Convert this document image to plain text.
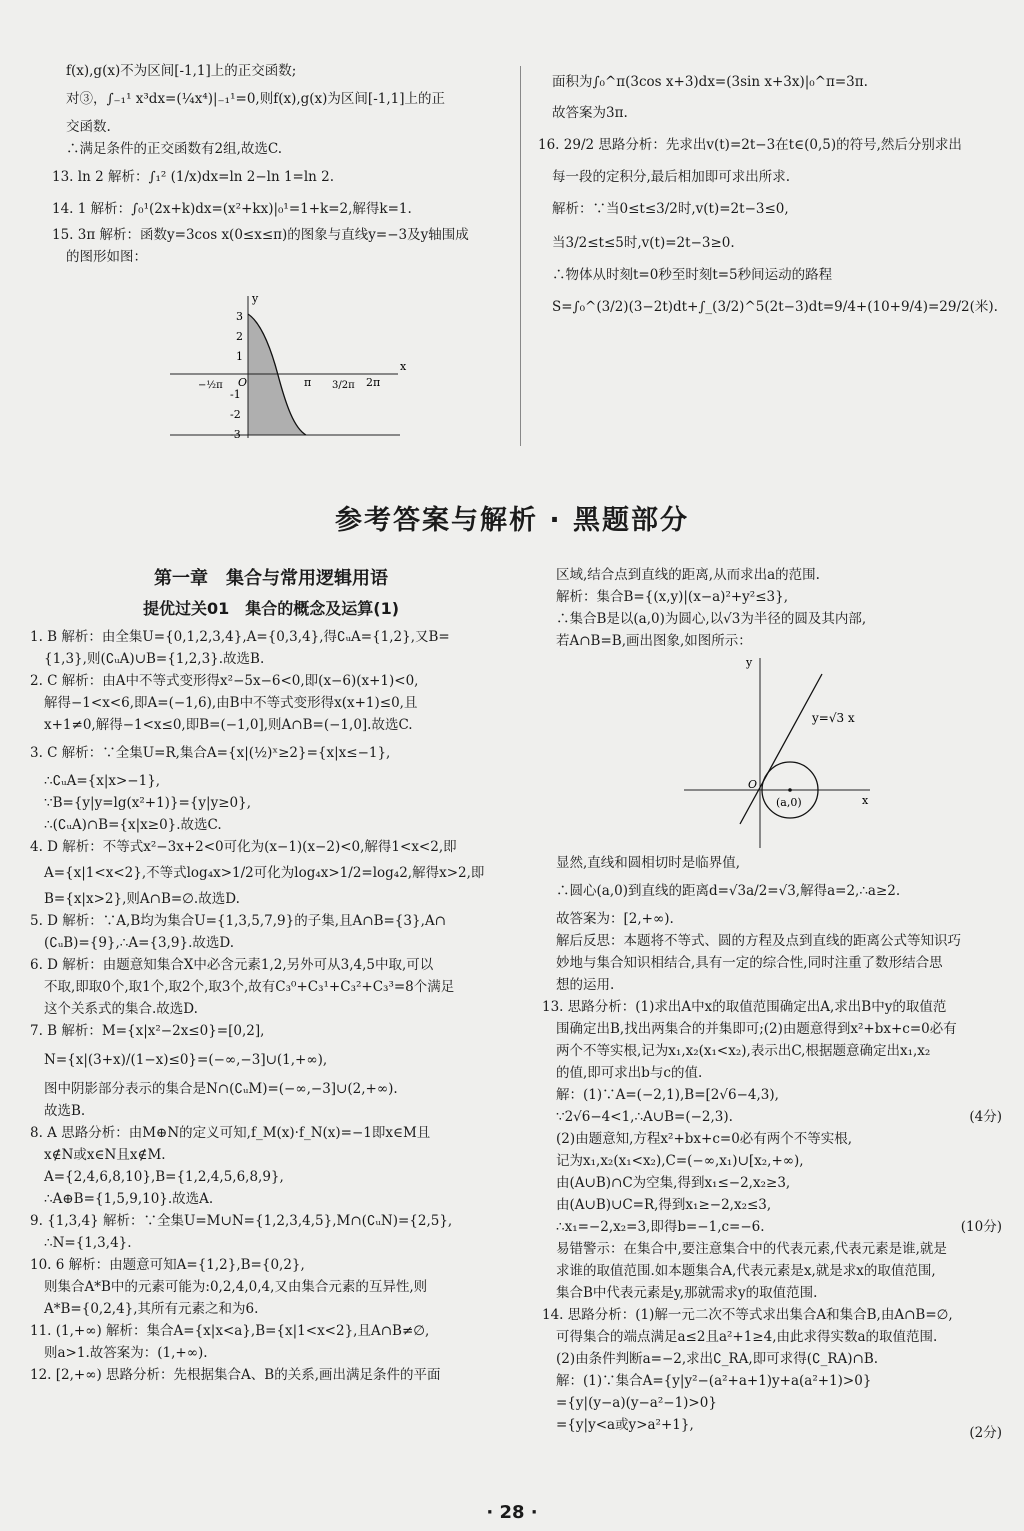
f(x),g(x)不为区间[-1,1]上的正交函数;

对③，∫₋₁¹ x³dx=(¼x⁴)|₋₁¹=0,则f(x),g(x)为区间[-1,1]上的正

交函数.

∴满足条件的正交函数有2组,故选C.

13. ln 2 解析：∫₁² (1/x)dx=ln 2−ln 1=ln 2.

14. 1 解析：∫₀¹(2x+k)dx=(x²+kx)|₀¹=1+k=2,解得k=1.

15. 3π 解析：函数y=3cos x(0≤x≤π)的图象与直线y=−3及y轴围成

的图形如图：

y
x
3
2
1
-1
-2
-3
O
−½π	π 3/2π 2π

面积为∫₀^π(3cos x+3)dx=(3sin x+3x)|₀^π=3π.

故答案为3π.

16. 29/2 思路分析：先求出v(t)=2t−3在t∈(0,5)的符号,然后分别求出

每一段的定积分,最后相加即可求出所求.

解析：∵当0≤t≤3/2时,v(t)=2t−3≤0,

当3/2≤t≤5时,v(t)=2t−3≥0.

∴物体从时刻t=0秒至时刻t=5秒间运动的路程

S=∫₀^(3/2)(3−2t)dt+∫_(3/2)^5(2t−3)dt=9/4+(10+9/4)=29/2(米).

参考答案与解析 · 黑题部分

第一章　集合与常用逻辑用语

提优过关01　集合的概念及运算(1)

1. B 解析：由全集U={0,1,2,3,4},A={0,3,4},得∁ᵤA={1,2},又B=

{1,3},则(∁ᵤA)∪B={1,2,3}.故选B.

2. C 解析：由A中不等式变形得x²−5x−6<0,即(x−6)(x+1)<0,

解得−1<x<6,即A=(−1,6),由B中不等式变形得x(x+1)≤0,且

x+1≠0,解得−1<x≤0,即B=(−1,0],则A∩B=(−1,0].故选C.

3. C 解析：∵全集U=R,集合A={x|(½)ˣ≥2}={x|x≤−1},

∴∁ᵤA={x|x>−1},

∵B={y|y=lg(x²+1)}={y|y≥0},

∴(∁ᵤA)∩B={x|x≥0}.故选C.

4. D 解析：不等式x²−3x+2<0可化为(x−1)(x−2)<0,解得1<x<2,即

A={x|1<x<2},不等式log₄x>1/2可化为log₄x>1/2=log₄2,解得x>2,即

B={x|x>2},则A∩B=∅.故选D.

5. D 解析：∵A,B均为集合U={1,3,5,7,9}的子集,且A∩B={3},A∩

(∁ᵤB)={9},∴A={3,9}.故选D.

6. D 解析：由题意知集合X中必含元素1,2,另外可从3,4,5中取,可以

不取,即取0个,取1个,取2个,取3个,故有C₃⁰+C₃¹+C₃²+C₃³=8个满足

这个关系式的集合.故选D.

7. B 解析：M={x|x²−2x≤0}=[0,2],

N={x|(3+x)/(1−x)≤0}=(−∞,−3]∪(1,+∞),

图中阴影部分表示的集合是N∩(∁ᵤM)=(−∞,−3]∪(2,+∞).

故选B.

8. A 思路分析：由M⊕N的定义可知,f_M(x)·f_N(x)=−1即x∈M且

x∉N或x∈N且x∉M.

A={2,4,6,8,10},B={1,2,4,5,6,8,9},

∴A⊕B={1,5,9,10}.故选A.

9. {1,3,4} 解析：∵全集U=M∪N={1,2,3,4,5},M∩(∁ᵤN)={2,5},

∴N={1,3,4}.

10. 6 解析：由题意可知A={1,2},B={0,2},

则集合A*B中的元素可能为:0,2,4,0,4,又由集合元素的互异性,则

A*B={0,2,4},其所有元素之和为6.

11. (1,+∞) 解析：集合A={x|x<a},B={x|1<x<2},且A∩B≠∅,

则a>1.故答案为：(1,+∞).

12. [2,+∞) 思路分析：先根据集合A、B的关系,画出满足条件的平面

区域,结合点到直线的距离,从而求出a的范围.

解析：集合B={(x,y)|(x−a)²+y²≤3},

∴集合B是以(a,0)为圆心,以√3为半径的圆及其内部,

若A∩B=B,画出图象,如图所示：

y=√3 x
(a,0)
O
y
x

显然,直线和圆相切时是临界值,

∴圆心(a,0)到直线的距离d=√3a/2=√3,解得a=2,∴a≥2.

故答案为：[2,+∞).

解后反思：本题将不等式、圆的方程及点到直线的距离公式等知识巧

妙地与集合知识相结合,具有一定的综合性,同时注重了数形结合思

想的运用.

13. 思路分析：(1)求出A中x的取值范围确定出A,求出B中y的取值范

围确定出B,找出两集合的并集即可;(2)由题意得到x²+bx+c=0必有

两个不等实根,记为x₁,x₂(x₁<x₂),表示出C,根据题意确定出x₁,x₂

的值,即可求出b与c的值.

解：(1)∵A=(−2,1),B=[2√6−4,3),

∵2√6−4<1,∴A∪B=(−2,3).	(4分)

(2)由题意知,方程x²+bx+c=0必有两个不等实根,

记为x₁,x₂(x₁<x₂),C=(−∞,x₁)∪[x₂,+∞),

由(A∪B)∩C为空集,得到x₁≤−2,x₂≥3,

由(A∪B)∪C=R,得到x₁≥−2,x₂≤3,

∴x₁=−2,x₂=3,即得b=−1,c=−6.	(10分)

易错警示：在集合中,要注意集合中的代表元素,代表元素是谁,就是

求谁的取值范围.如本题集合A,代表元素是x,就是求x的取值范围,

集合B中代表元素是y,那就需求y的取值范围.

14. 思路分析：(1)解一元二次不等式求出集合A和集合B,由A∩B=∅,

可得集合的端点满足a≤2且a²+1≥4,由此求得实数a的取值范围.

(2)由条件判断a=−2,求出∁_RA,即可求得(∁_RA)∩B.

解：(1)∵集合A={y|y²−(a²+a+1)y+a(a²+1)>0}

={y|(y−a)(y−a²−1)>0}

={y|y<a或y>a²+1},	(2分)

· 28 ·
